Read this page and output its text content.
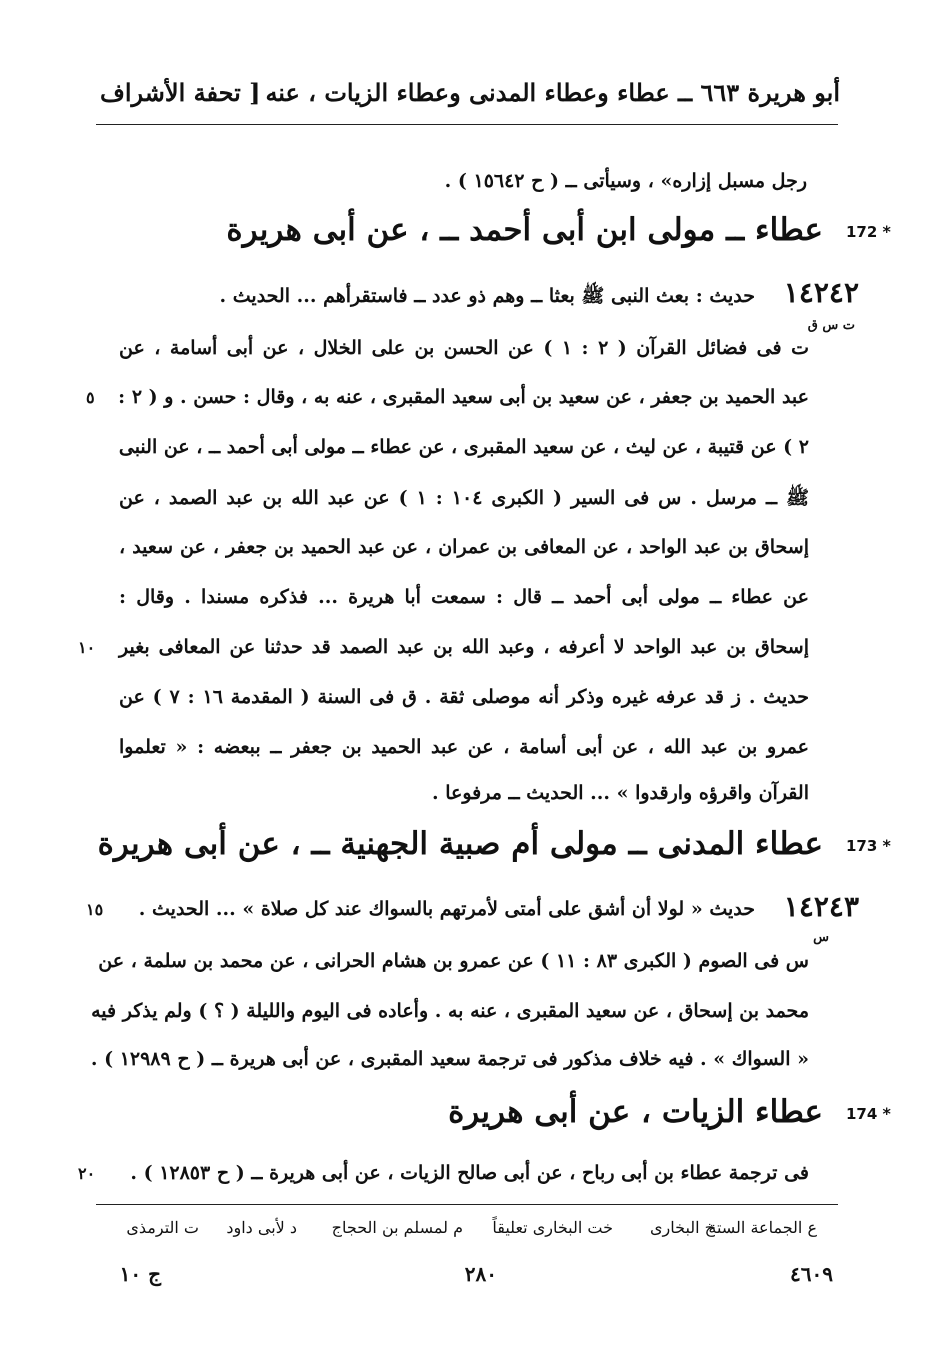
أبو هريرة ٦٦٣ ــ عطاء وعطاء المدنى وعطاء الزيات ، عنه
[ تحفة الأشراف
رجل مسبل إزاره» ، وسيأتى ــ ( ح ١٥٦٤٢ ) .
172 *
عطاء ــ مولى ابن أبى أحمد ــ ، عن أبى هريرة
١٤٢٤٢
حديث : بعث النبى ﷺ بعثا ــ وهم ذو عدد ــ فاستقرأهم ... الحديث .
ت س ق
ت فى فضائل القرآن ( ٢ : ١ ) عن الحسن بن على الخلال ، عن أبى أسامة ، عن
عبد الحميد بن جعفر ، عن سعيد بن أبى سعيد المقبرى ، عنه به ، وقال : حسن . و ( ٢ :
٥
٢ ) عن قتيبة ، عن ليث ، عن سعيد المقبرى ، عن عطاء ــ مولى أبى أحمد ــ ، عن النبى
ﷺ ــ مرسل . س فى السير ( الكبرى ١٠٤ : ١ ) عن عبد الله بن عبد الصمد ، عن
إسحاق بن عبد الواحد ، عن المعافى بن عمران ، عن عبد الحميد بن جعفر ، عن سعيد ،
عن عطاء ــ مولى أبى أحمد ــ قال : سمعت أبا هريرة ... فذكره مسندا . وقال :
إسحاق بن عبد الواحد لا أعرفه ، وعبد الله بن عبد الصمد قد حدثنا عن المعافى بغير
١٠
حديث . ز قد عرفه غيره وذكر أنه موصلى ثقة . ق فى السنة ( المقدمة ١٦ : ٧ ) عن
عمرو بن عبد الله ، عن أبى أسامة ، عن عبد الحميد بن جعفر ــ ببعضه : « تعلموا
القرآن واقرؤه وارقدوا » ... الحديث ــ مرفوعا .
173 *
عطاء المدنى ــ مولى أم صبية الجهنية ــ ، عن أبى هريرة
١٤٢٤٣
حديث « لولا أن أشق على أمتى لأمرتهم بالسواك عند كل صلاة » ... الحديث .
١٥
س
س فى الصوم ( الكبرى ٨٣ : ١١ ) عن عمرو بن هشام الحرانى ، عن محمد بن سلمة ، عن
محمد بن إسحاق ، عن سعيد المقبرى ، عنه به . وأعاده فى اليوم والليلة ( ؟ ) ولم يذكر فيه
« السواك » . فيه خلاف مذكور فى ترجمة سعيد المقبرى ، عن أبى هريرة ــ ( ح ١٢٩٨٩ ) .
174 *
عطاء الزيات ، عن أبى هريرة
فى ترجمة عطاء بن أبى رباح ، عن أبى صالح الزيات ، عن أبى هريرة ــ ( ح ١٢٨٥٣ ) .
٢٠
ع الجماعة الستة
خ البخارى
خت البخارى تعليقاً
م لمسلم بن الحجاج
د لأبى داود
ت الترمذى
٤٦٠٩
٢٨٠
ج ١٠
